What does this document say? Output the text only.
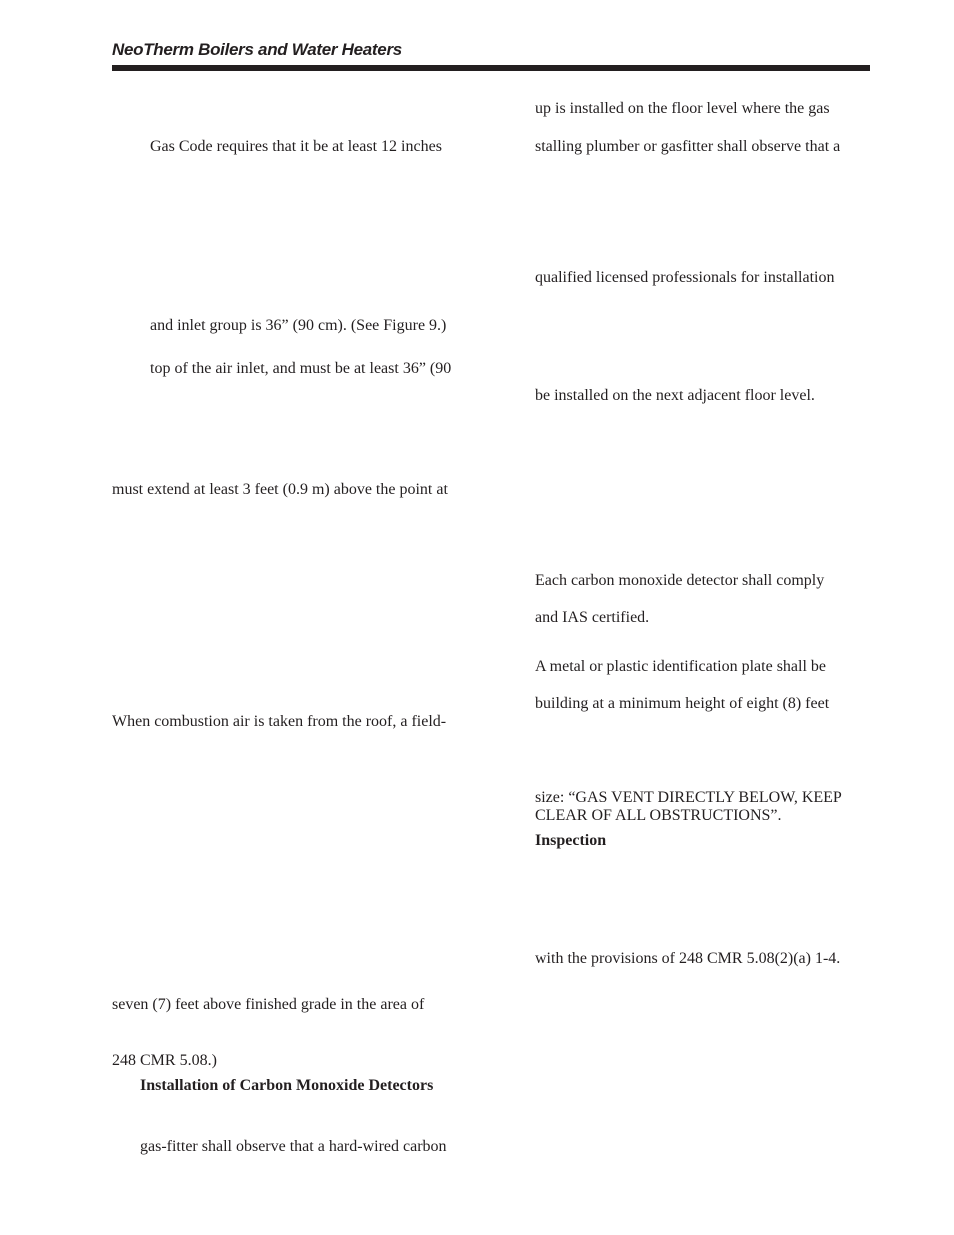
NeoTherm Boilers and Water Heaters
Gas Code requires that it be at least 12 inches
and inlet group is 36” (90 cm). (See Figure 9.)
top of the air inlet, and must be at least 36” (90
must extend at least 3 feet (0.9 m) above the point at
When combustion air is taken from the roof, a field-
seven (7) feet above finished grade in the area of
248 CMR 5.08.)
Installation of Carbon Monoxide Detectors
gas-fitter shall observe that a hard-wired carbon
up is installed on the floor level where the gas
stalling plumber or gasfitter shall observe that a
qualified licensed professionals for installation
be installed on the next adjacent floor level.
Each carbon monoxide detector shall comply
and IAS certified.
A metal or plastic identification plate shall be
building at a minimum height of eight (8) feet
size: “GAS VENT DIRECTLY BELOW, KEEP
CLEAR OF ALL OBSTRUCTIONS”.
Inspection
with the provisions of 248 CMR 5.08(2)(a) 1-4.
